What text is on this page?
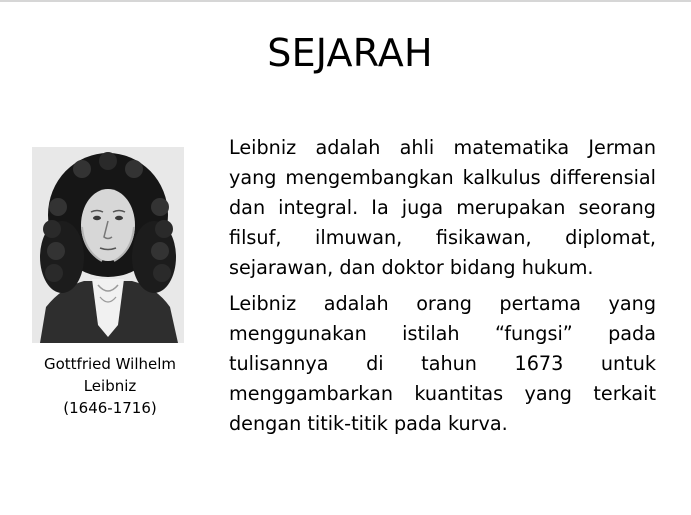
SEJARAH
Gottfried Wilhelm
Leibniz
(1646-1716)

Leibniz adalah ahli matematika Jerman yang mengembangkan kalkulus differensial dan integral. Ia juga merupakan seorang filsuf, ilmuwan, fisikawan, diplomat, sejarawan, dan doktor bidang hukum.

Leibniz adalah orang pertama yang menggunakan istilah “fungsi” pada tulisannya di tahun 1673 untuk menggambarkan kuantitas yang terkait dengan titik-titik pada kurva.
